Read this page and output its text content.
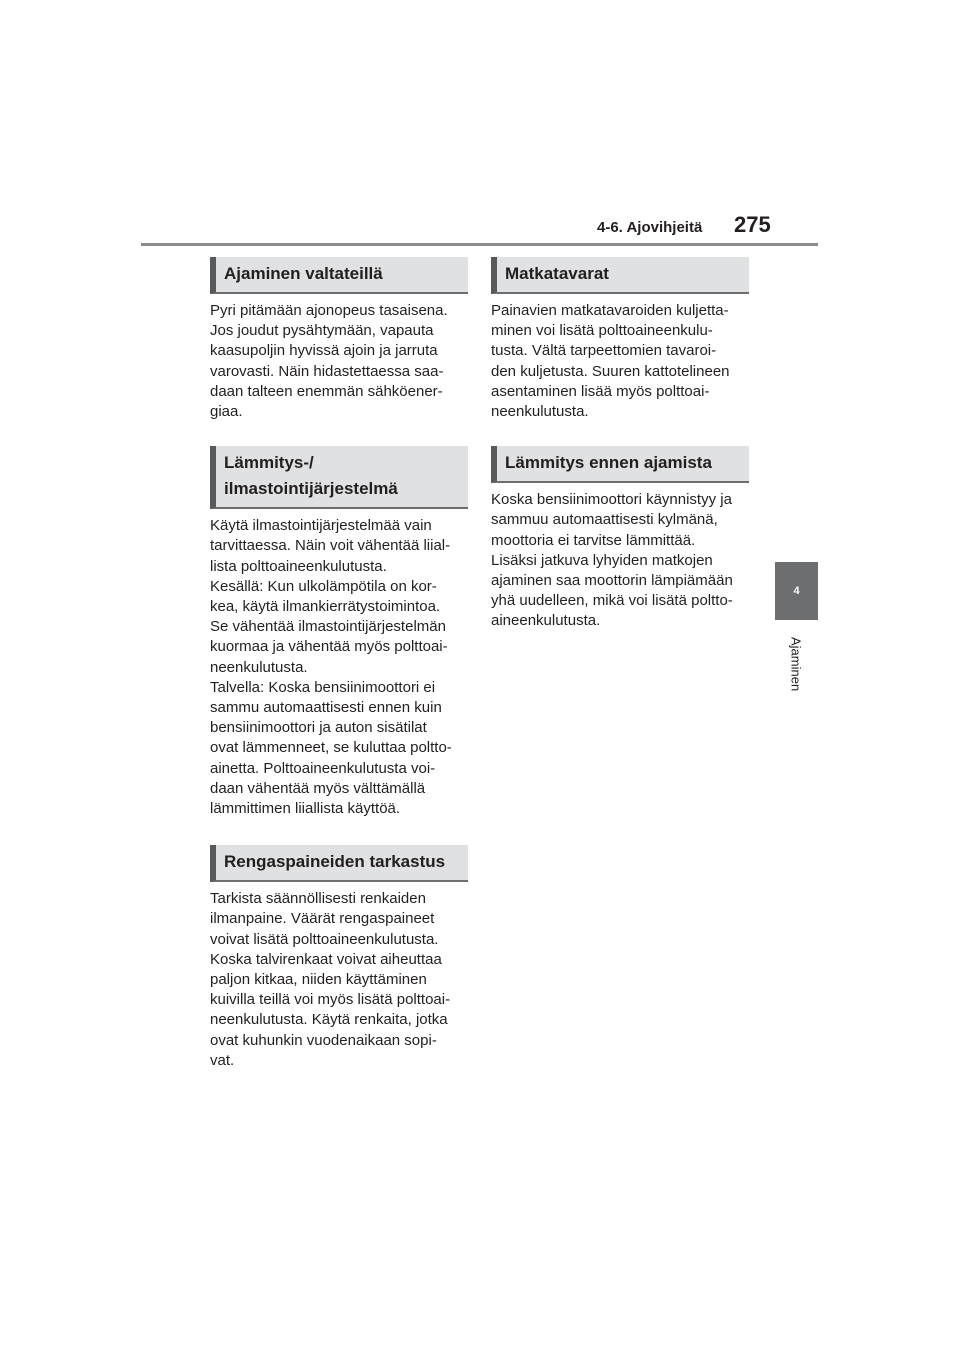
4-6. Ajovihjeitä 275
4
Ajaminen
Ajaminen valtateillä

Pyri pitämään ajonopeus tasaisena.
Jos joudut pysähtymään, vapauta
kaasupoljin hyvissä ajoin ja jarruta
varovasti. Näin hidastettaessa saa-
daan talteen enemmän sähköener-
giaa.

Lämmitys-/
ilmastointijärjestelmä

Käytä ilmastointijärjestelmää vain
tarvittaessa. Näin voit vähentää liial-
lista polttoaineenkulutusta.
Kesällä: Kun ulkolämpötila on kor-
kea, käytä ilmankierrätystoimintoa.
Se vähentää ilmastointijärjestelmän
kuormaa ja vähentää myös polttoai-
neenkulutusta.
Talvella: Koska bensiinimoottori ei
sammu automaattisesti ennen kuin
bensiinimoottori ja auton sisätilat
ovat lämmenneet, se kuluttaa poltto-
ainetta. Polttoaineenkulutusta voi-
daan vähentää myös välttämällä
lämmittimen liiallista käyttöä.

Rengaspaineiden tarkastus

Tarkista säännöllisesti renkaiden
ilmanpaine. Väärät rengaspaineet
voivat lisätä polttoaineenkulutusta.
Koska talvirenkaat voivat aiheuttaa
paljon kitkaa, niiden käyttäminen
kuivilla teillä voi myös lisätä polttoai-
neenkulutusta. Käytä renkaita, jotka
ovat kuhunkin vuodenaikaan sopi-
vat.

Matkatavarat

Painavien matkatavaroiden kuljetta-
minen voi lisätä polttoaineenkulu-
tusta. Vältä tarpeettomien tavaroi-
den kuljetusta. Suuren kattotelineen
asentaminen lisää myös polttoai-
neenkulutusta.

Lämmitys ennen ajamista

Koska bensiinimoottori käynnistyy ja
sammuu automaattisesti kylmänä,
moottoria ei tarvitse lämmittää.
Lisäksi jatkuva lyhyiden matkojen
ajaminen saa moottorin lämpiämään
yhä uudelleen, mikä voi lisätä poltto-
aineenkulutusta.
